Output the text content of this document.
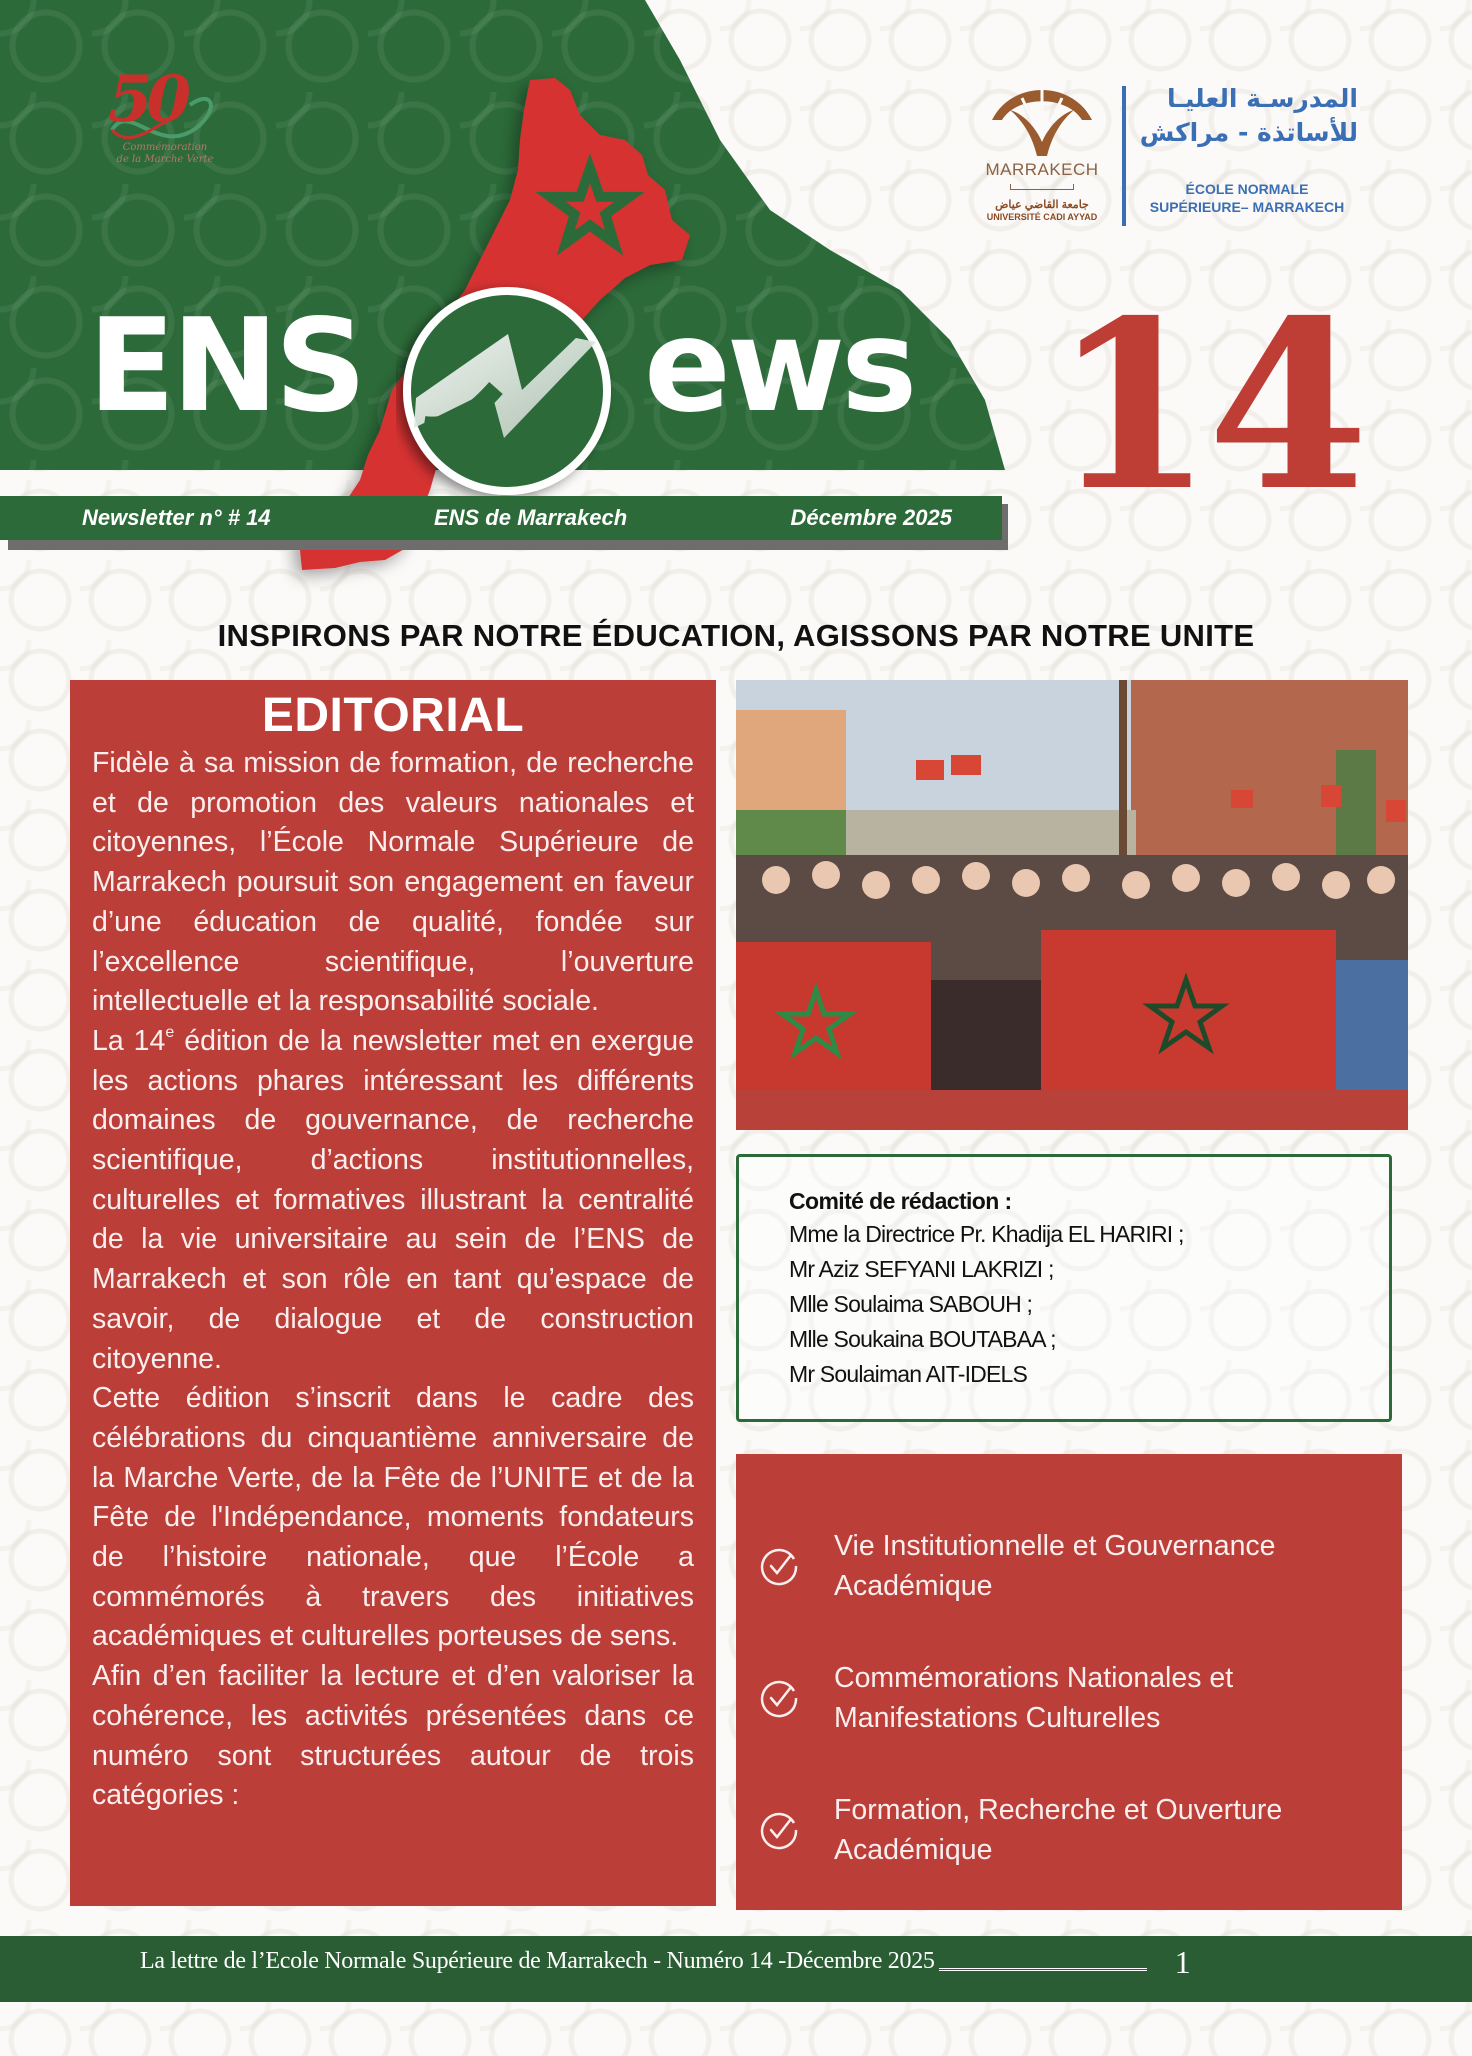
50
Commémoration
de la Marche Verte
ENS ews 14
Newsletter n° # 14	ENS de Marrakech	Décembre 2025
MARRAKECH
جامعة القاضي عياض
UNIVERSITÉ CADI AYYAD
المدرسـة العليـا
للأساتذة - مراكش
ÉCOLE NORMALE
SUPÉRIEURE– MARRAKECH
INSPIRONS PAR NOTRE ÉDUCATION, AGISSONS PAR NOTRE UNITE
EDITORIAL

Fidèle à sa mission de formation, de recherche et de promotion des valeurs nationales et citoyennes, l’École Normale Supérieure de Marrakech poursuit son engagement en faveur d’une éducation de qualité, fondée sur l’excellence scientifique, l’ouverture intellectuelle et la responsabilité sociale.

La 14e édition de la newsletter met en exergue les actions phares intéressant les différents domaines de gouvernance, de recherche scientifique, d’actions institutionnelles, culturelles et formatives illustrant la centralité de la vie universitaire au sein de l’ENS de Marrakech et son rôle en tant qu’espace de savoir, de dialogue et de construction citoyenne.

Cette édition s’inscrit dans le cadre des célébrations du cinquantième anniversaire de la Marche Verte, de la Fête de l’UNITE et de la Fête de l'Indépendance, moments fondateurs de l’histoire nationale, que l’École a commémorés à travers des initiatives académiques et culturelles porteuses de sens.

Afin d’en faciliter la lecture et d’en valoriser la cohérence, les activités présentées dans ce numéro sont structurées autour de trois catégories :

Comité de rédaction :
Mme la Directrice Pr. Khadija EL HARIRI ;
Mr Aziz SEFYANI LAKRIZI ;
Mlle Soulaima SABOUH ;
Mlle Soukaina BOUTABAA ;
Mr Soulaiman AIT-IDELS
Vie Institutionnelle et Gouvernance Académique
Commémorations Nationales et Manifestations Culturelles
Formation, Recherche et Ouverture Académique
La lettre de l’Ecole Normale Supérieure de Marrakech - Numéro 14 -Décembre 2025	1
